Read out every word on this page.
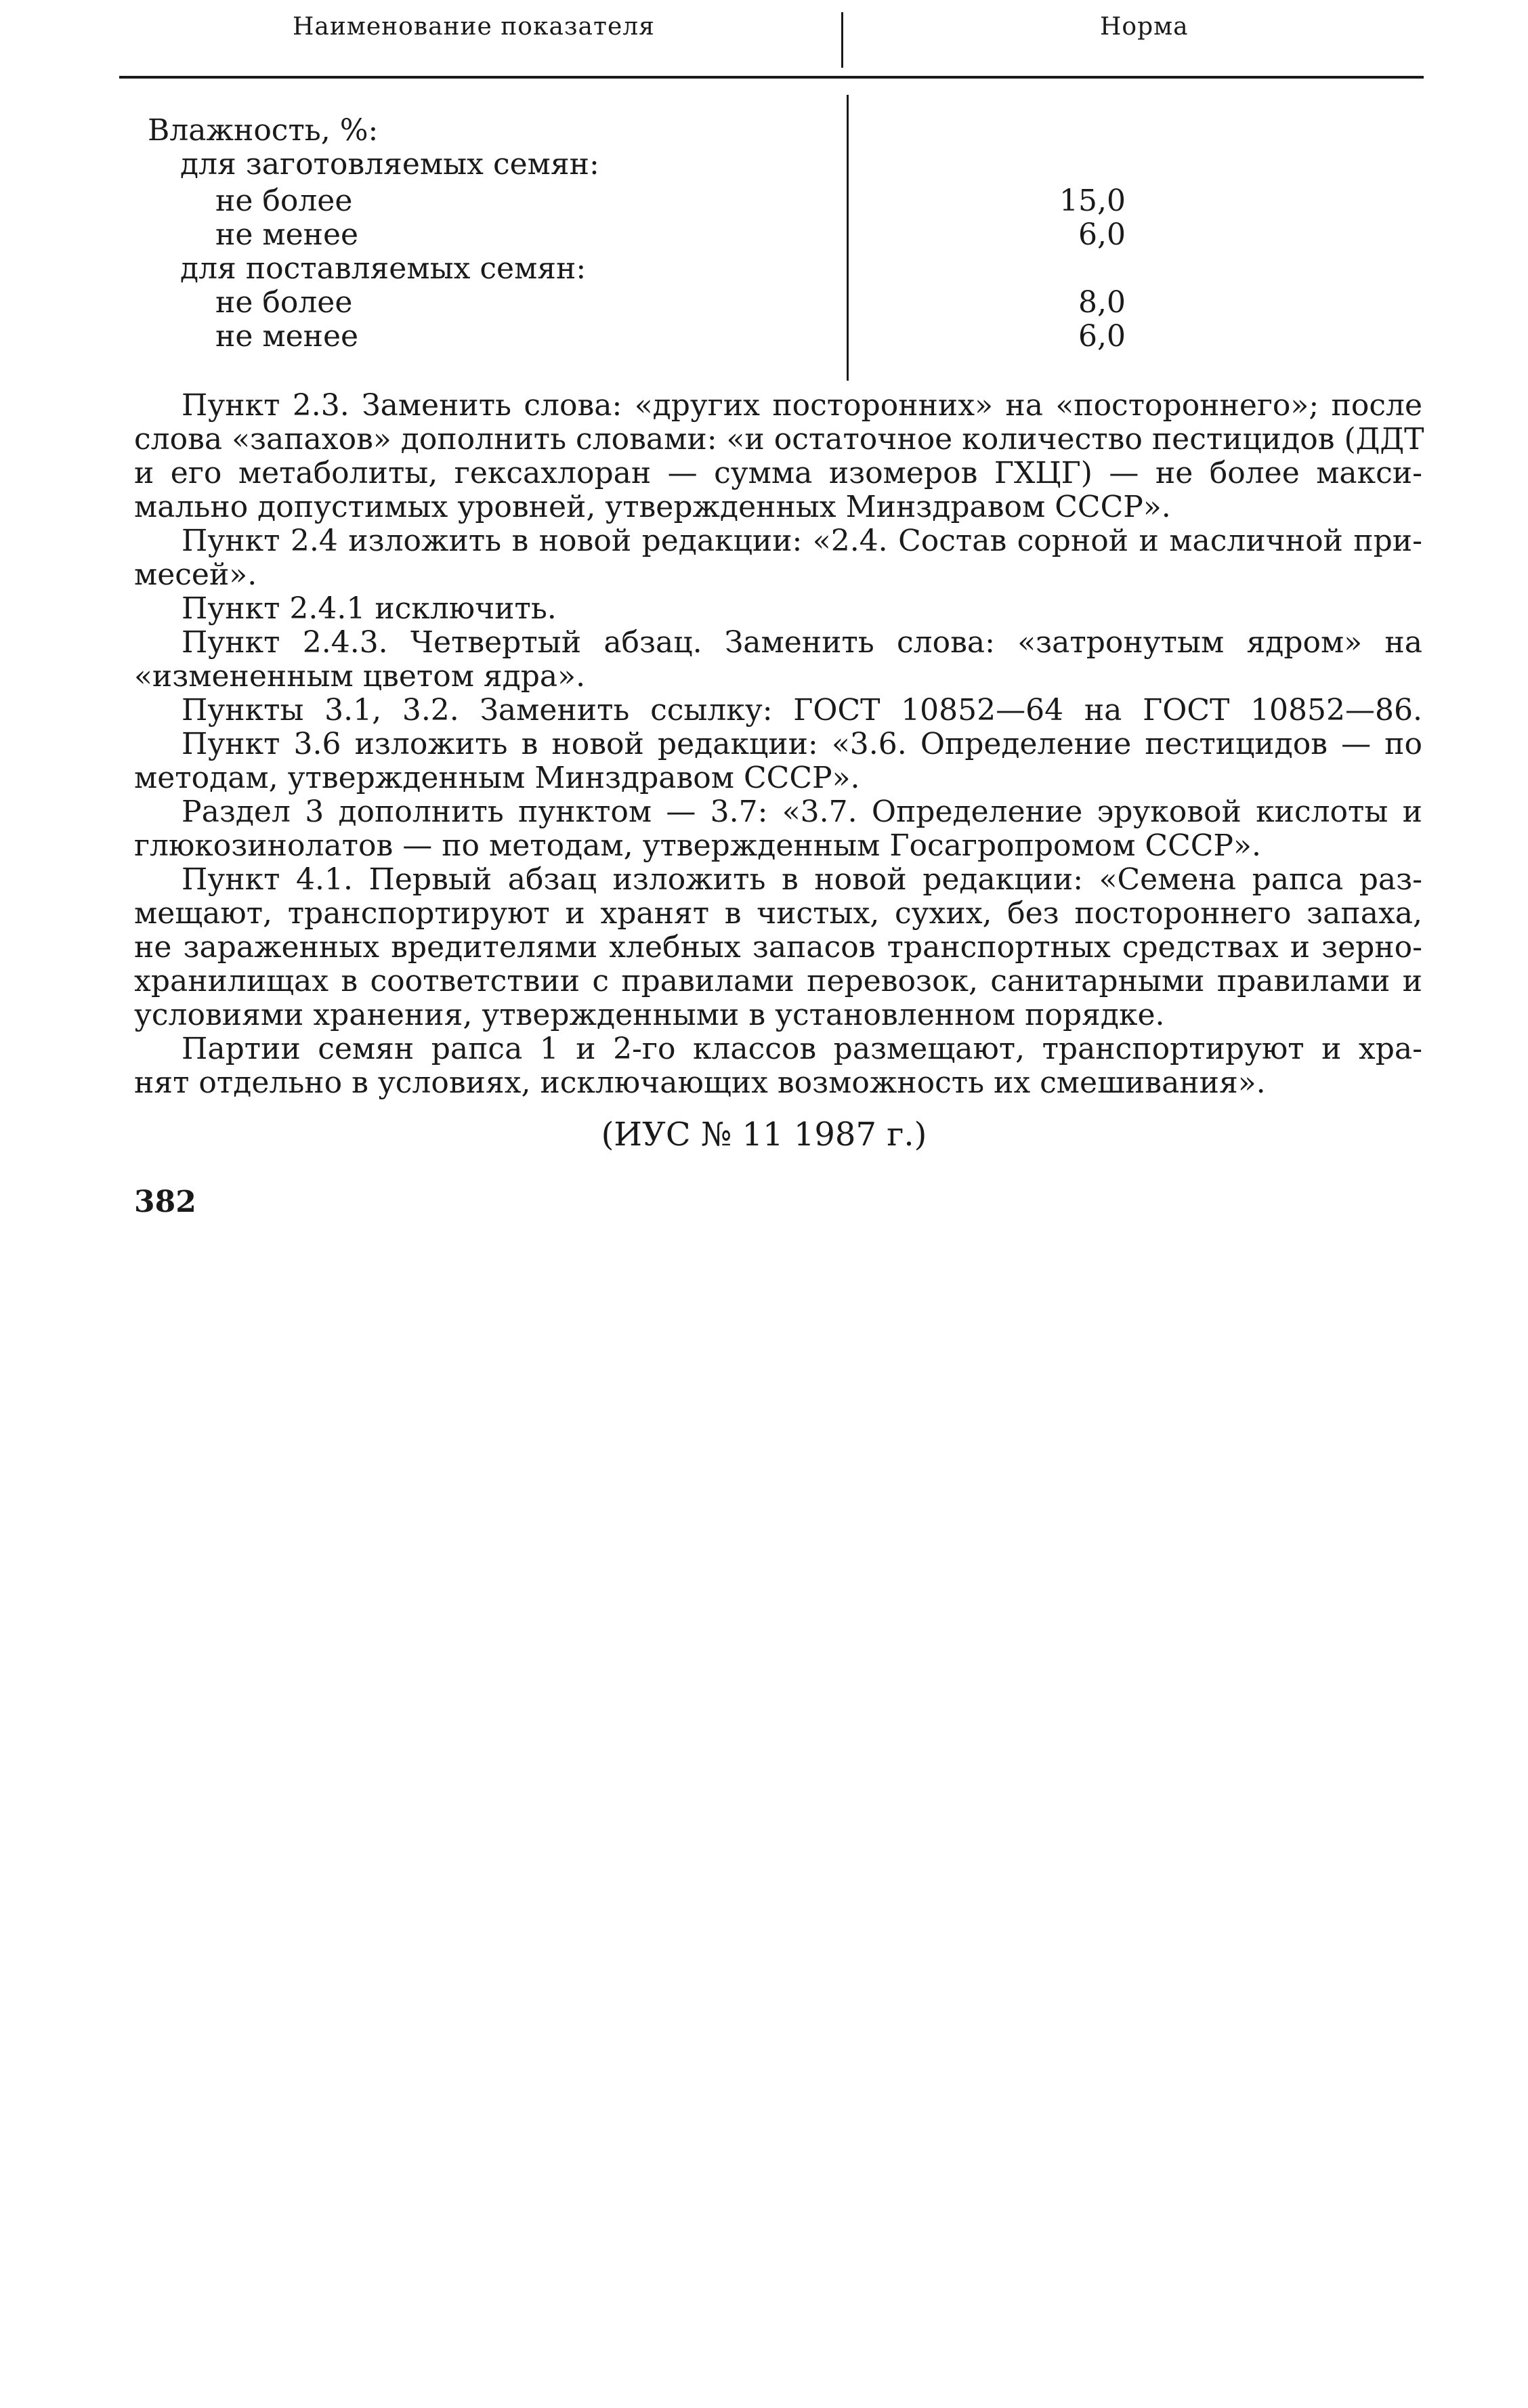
Наименование показателя	Норма
Влажность, %:
для заготовляемых семян:
не более	15,0
не менее	6,0
для поставляемых семян:
не более	8,0
не менее	6,0
Пункт 2.3. Заменить слова: «других посторонних» на «постороннего»; после
слова «запахов» дополнить словами: «и остаточное количество пестицидов (ДДТ
и его метаболиты, гексахлоран — сумма изомеров ГХЦГ) — не более макси-
мально допустимых уровней, утвержденных Минздравом СССР».
Пункт 2.4 изложить в новой редакции: «2.4. Состав сорной и масличной при-
месей».
Пункт 2.4.1 исключить.
Пункт 2.4.3. Четвертый абзац. Заменить слова: «затронутым ядром» на
«измененным цветом ядра».
Пункты 3.1, 3.2. Заменить ссылку: ГОСТ 10852—64 на ГОСТ 10852—86.
Пункт 3.6 изложить в новой редакции: «3.6. Определение пестицидов — по
методам, утвержденным Минздравом СССР».
Раздел 3 дополнить пунктом — 3.7: «3.7. Определение эруковой кислоты и
глюкозинолатов — по методам, утвержденным Госагропромом СССР».
Пункт 4.1. Первый абзац изложить в новой редакции: «Семена рапса раз-
мещают, транспортируют и хранят в чистых, сухих, без постороннего запаха,
не зараженных вредителями хлебных запасов транспортных средствах и зерно-
хранилищах в соответствии с правилами перевозок, санитарными правилами и
условиями хранения, утвержденными в установленном порядке.
Партии семян рапса 1 и 2-го классов размещают, транспортируют и хра-
нят отдельно в условиях, исключающих возможность их смешивания».
(ИУС № 11 1987 г.)
382
